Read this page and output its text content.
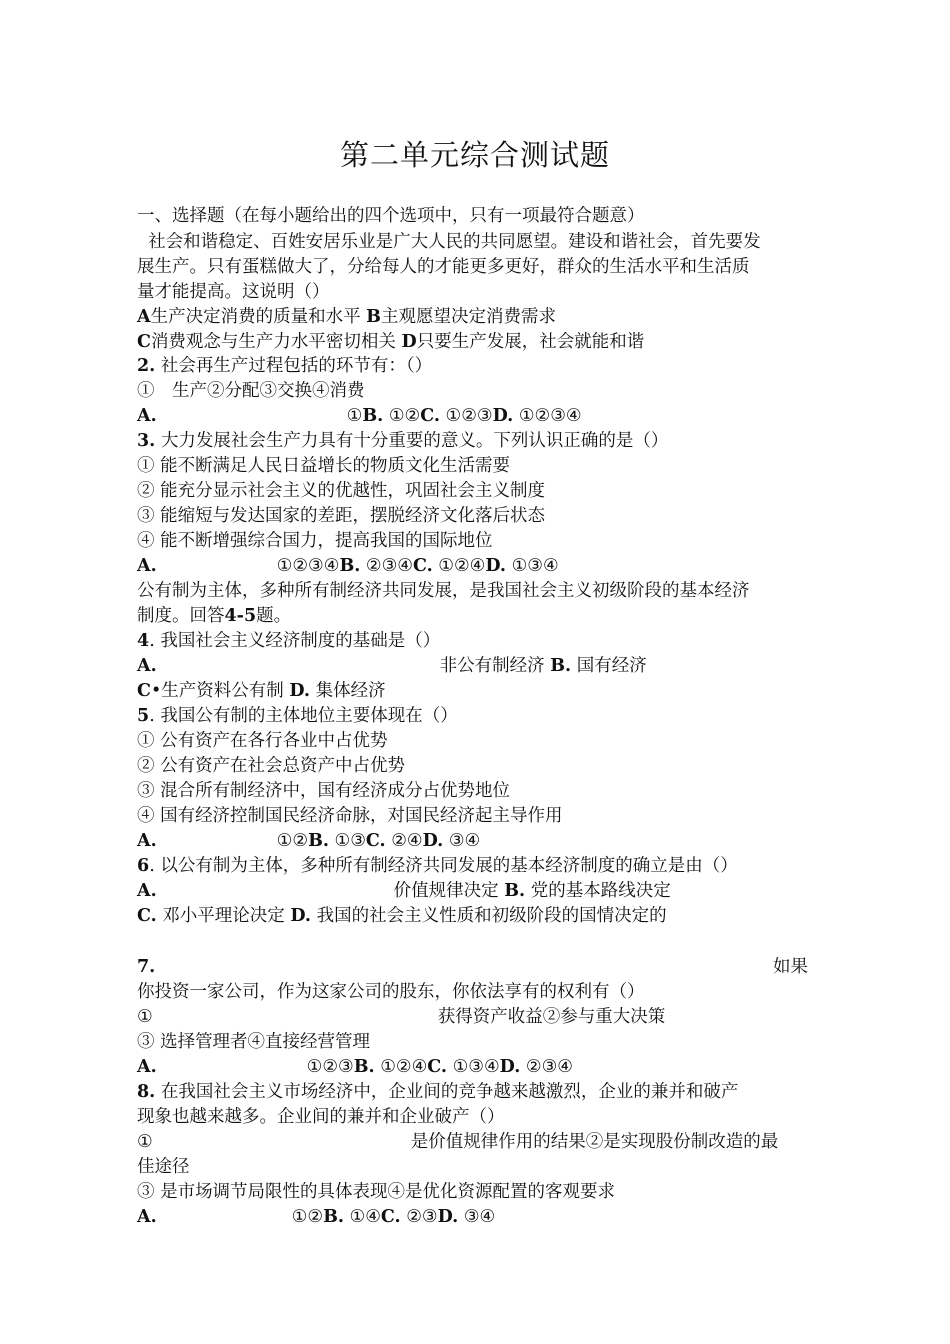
第二单元综合测试题
一、选择题（在每小题给出的四个选项中，只有一项最符合题意）
社会和谐稳定、百姓安居乐业是广大人民的共同愿望。建设和谐社会，首先要发
展生产。只有蛋糕做大了，分给每人的才能更多更好，群众的生活水平和生活质
量才能提高。这说明（）
A生产决定消费的质量和水平 B主观愿望决定消费需求
C消费观念与生产力水平密切相关 D只要生产发展，社会就能和谐
2. 社会再生产过程包括的环节有：（）
①　生产②分配③交换④消费
A.	①B. ①②C. ①②③D. ①②③④
3. 大力发展社会生产力具有十分重要的意义。下列认识正确的是（）
① 能不断满足人民日益增长的物质文化生活需要
② 能充分显示社会主义的优越性，巩固社会主义制度
③ 能缩短与发达国家的差距，摆脱经济文化落后状态
④ 能不断增强综合国力，提高我国的国际地位
A.	①②③④B. ②③④C. ①②④D. ①③④
公有制为主体，多种所有制经济共同发展，是我国社会主义初级阶段的基本经济
制度。回答4-5题。
4. 我国社会主义经济制度的基础是（）
A.	非公有制经济 B. 国有经济
C•生产资料公有制 D. 集体经济
5. 我国公有制的主体地位主要体现在（）
① 公有资产在各行各业中占优势
② 公有资产在社会总资产中占优势
③ 混合所有制经济中，国有经济成分占优势地位
④ 国有经济控制国民经济命脉，对国民经济起主导作用
A.	①②B. ①③C. ②④D. ③④
6. 以公有制为主体，多种所有制经济共同发展的基本经济制度的确立是由（）
A.	价值规律决定 B. 党的基本路线决定
C. 邓小平理论决定 D. 我国的社会主义性质和初级阶段的国情决定的
7.	如果
你投资一家公司，作为这家公司的股东，你依法享有的权利有（）
①	获得资产收益②参与重大决策
③ 选择管理者④直接经营管理
A.	①②③B. ①②④C. ①③④D. ②③④
8. 在我国社会主义市场经济中，企业间的竞争越来越激烈，企业的兼并和破产
现象也越来越多。企业间的兼并和企业破产（）
①	是价值规律作用的结果②是实现股份制改造的最
佳途径
③ 是市场调节局限性的具体表现④是优化资源配置的客观要求
A.	①②B. ①④C. ②③D. ③④
